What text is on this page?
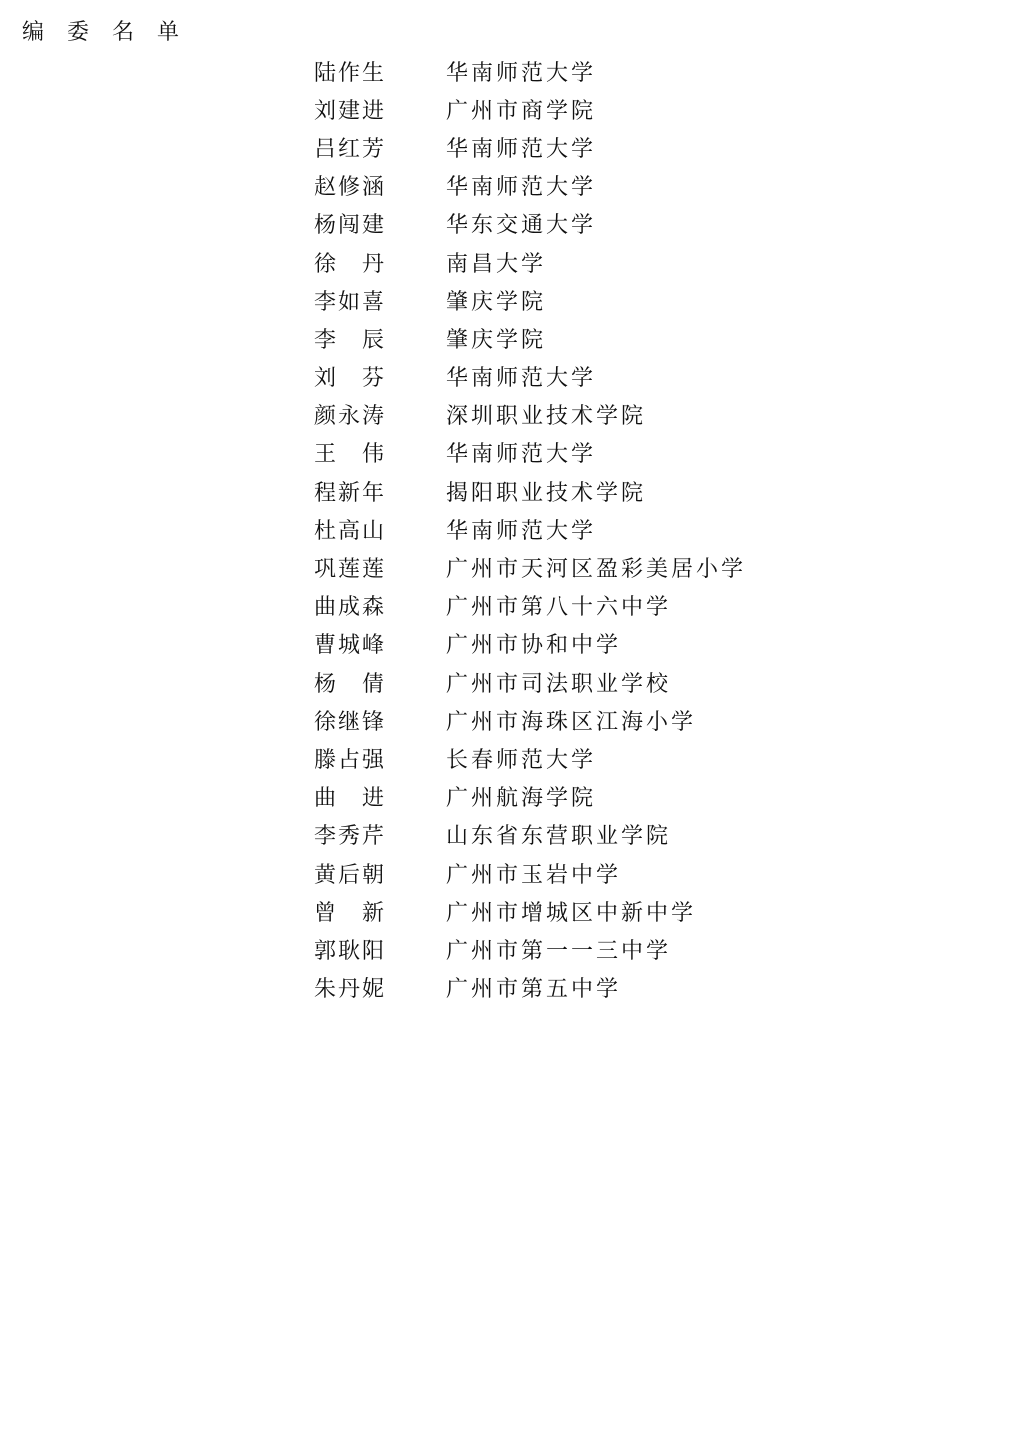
编 委 名 单
陆作生	华南师范大学
刘建进	广州市商学院
吕红芳	华南师范大学
赵修涵	华南师范大学
杨闯建	华东交通大学
徐　丹	南昌大学
李如喜	肇庆学院
李　辰	肇庆学院
刘　芬	华南师范大学
颜永涛	深圳职业技术学院
王　伟	华南师范大学
程新年	揭阳职业技术学院
杜高山	华南师范大学
巩莲莲	广州市天河区盈彩美居小学
曲成森	广州市第八十六中学
曹城峰	广州市协和中学
杨　倩	广州市司法职业学校
徐继锋	广州市海珠区江海小学
滕占强	长春师范大学
曲　进	广州航海学院
李秀芹	山东省东营职业学院
黄后朝	广州市玉岩中学
曾　新	广州市增城区中新中学
郭耿阳	广州市第一一三中学
朱丹妮	广州市第五中学
